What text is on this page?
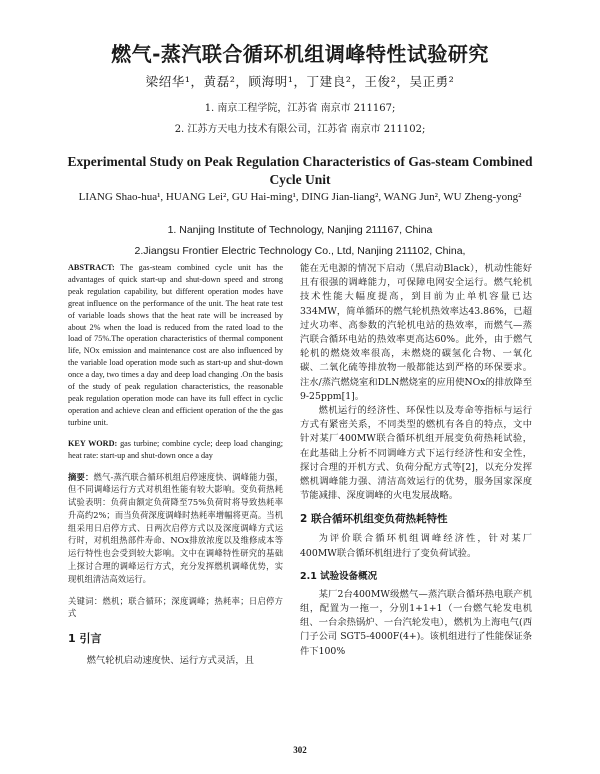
燃气-蒸汽联合循环机组调峰特性试验研究
梁绍华¹，黄磊²，顾海明¹，丁建良²，王俊²，吴正勇²
1. 南京工程学院，江苏省 南京市 211167;
2. 江苏方天电力技术有限公司，江苏省 南京市 211102;
Experimental Study on Peak Regulation Characteristics of Gas-steam Combined Cycle Unit
LIANG Shao-hua¹, HUANG Lei², GU Hai-ming¹, DING Jian-liang², WANG Jun², WU Zheng-yong²
1. Nanjing Institute of Technology, Nanjing 211167, China
2.Jiangsu Frontier Electric Technology Co., Ltd, Nanjing 211102, China,

ABSTRACT: The gas-steam combined cycle unit has the advantages of quick start-up and shut-down speed and strong peak regulation capability, but different operation modes have great influence on the performance of the unit. The heat rate test of variable loads shows that the heat rate will be increased by about 2% when the load is reduced from the rated load to the load of 75%.The operation characteristics of thermal component life, NOx emission and maintenance cost are also influenced by the variable load operation mode such as start-up and shut-down once a day, two times a day and deep load changing .On the basis of the study of peak regulation characteristics, the reasonable peak regulation operation mode can have its full effect in cyclic operation and achieve clean and efficient operation of the the gas turbine unit.

KEY WORD: gas turbine; combine cycle; deep load changing; heat rate: start-up and shut-down once a day

摘要：燃气-蒸汽联合循环机组启停速度快、调峰能力强，但不同调峰运行方式对机组性能有较大影响。变负荷热耗试验表明：负荷由额定负荷降至75%负荷时将导致热耗率升高约2%；而当负荷深度调峰时热耗率增幅将更高。当机组采用日启停方式、日两次启停方式以及深度调峰方式运行时，对机组热部件寿命、NOx排放浓度以及维修成本等运行特性也会受到较大影响。文中在调峰特性研究的基础上探讨合理的调峰运行方式，充分发挥燃机调峰优势，实现机组清洁高效运行。

关键词：燃机；联合循环；深度调峰；热耗率；日启停方式

1 引言

燃气轮机启动速度快、运行方式灵活，且

能在无电源的情况下启动（黑启动Black），机动性能好且有很强的调峰能力，可保障电网安全运行。燃气轮机技术性能大幅度提高，到目前为止单机容量已达 334MW，简单循环的燃气轮机热效率达43.86%，已超过火功率、高参数的汽轮机电站的热效率，而燃气—蒸汽联合循环电站的热效率更高达60%。此外，由于燃气轮机的燃烧效率很高，未燃烧的碳氢化合物、一氧化碳、二氧化硫等排放物一般都能达到严格的环保要求。注水/蒸汽燃烧室和DLN燃烧室的应用使NOx的排放降至9-25ppm[1]。

燃机运行的经济性、环保性以及寿命等指标与运行方式有紧密关系，不同类型的燃机有各自的特点，文中针对某厂400MW联合循环机组开展变负荷热耗试验，在此基础上分析不同调峰方式下运行经济性和安全性，探讨合理的开机方式、负荷分配方式等[2]，以充分发挥燃机调峰能力强、清洁高效运行的优势，服务国家深度节能减排、深度调峰的火电发展战略。

2 联合循环机组变负荷热耗特性

为评价联合循环机组调峰经济性，针对某厂400MW联合循环机组进行了变负荷试验。

2.1 试验设备概况

某厂2台400MW级燃气—蒸汽联合循环热电联产机组，配置为一拖一，分别1+1+1（一台燃气轮发电机组、一台余热锅炉、一台汽轮发电），燃机为上海电气(西门子公司 SGT5-4000F(4+)。该机组进行了性能保证条件下100%

302
